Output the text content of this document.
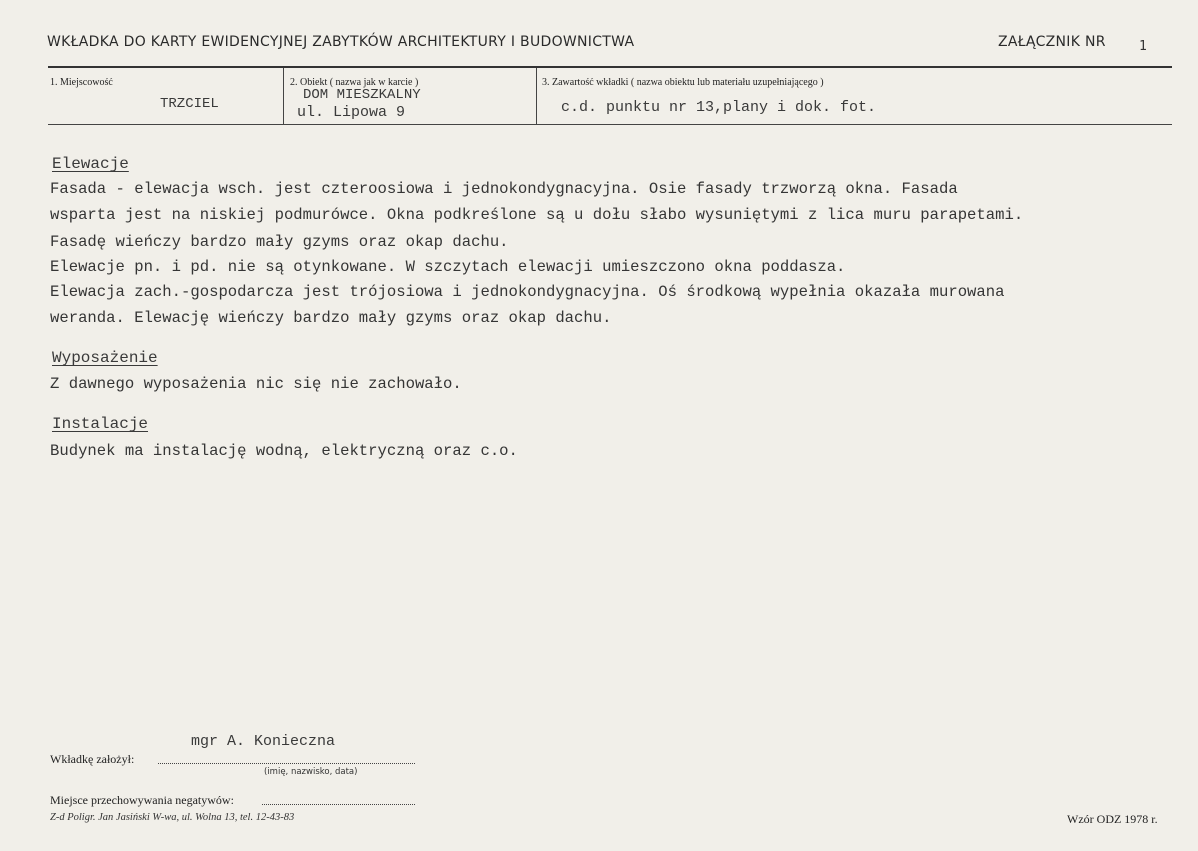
WKŁADKA DO KARTY EWIDENCYJNEJ ZABYTKÓW ARCHITEKTURY I BUDOWNICTWA	ZAŁĄCZNIK NR	1
1. Miejscowość
TRZCIEL
2. Obiekt ( nazwa jak w karcie )
DOM MIESZKALNY
ul. Lipowa 9
3. Zawartość wkładki ( nazwa obiektu lub materiału uzupełniającego )
c.d. punktu nr 13,plany i dok. fot.
Elewacje
Fasada - elewacja wsch. jest czteroosiowa i jednokondygnacyjna. Osie fasady trzworzą okna. Fasada
wsparta jest na niskiej podmurówce. Okna podkreślone są u dołu słabo wysuniętymi z lica muru parapetami.
Fasadę wieńczy bardzo mały gzyms oraz okap dachu.
Elewacje pn. i pd. nie są otynkowane. W szczytach elewacji umieszczono okna poddasza.
Elewacja zach.-gospodarcza jest trójosiowa i jednokondygnacyjna. Oś środkową wypełnia okazała murowana
weranda. Elewację wieńczy bardzo mały gzyms oraz okap dachu.
Wyposażenie
Z dawnego wyposażenia nic się nie zachowało.
Instalacje
Budynek ma instalację wodną, elektryczną oraz c.o.
mgr A. Konieczna
Wkładkę założył:
(imię, nazwisko, data)
Miejsce przechowywania negatywów:
Z-d Poligr. Jan Jasiński W-wa, ul. Wolna 13, tel. 12-43-83	Wzór ODZ 1978 r.
